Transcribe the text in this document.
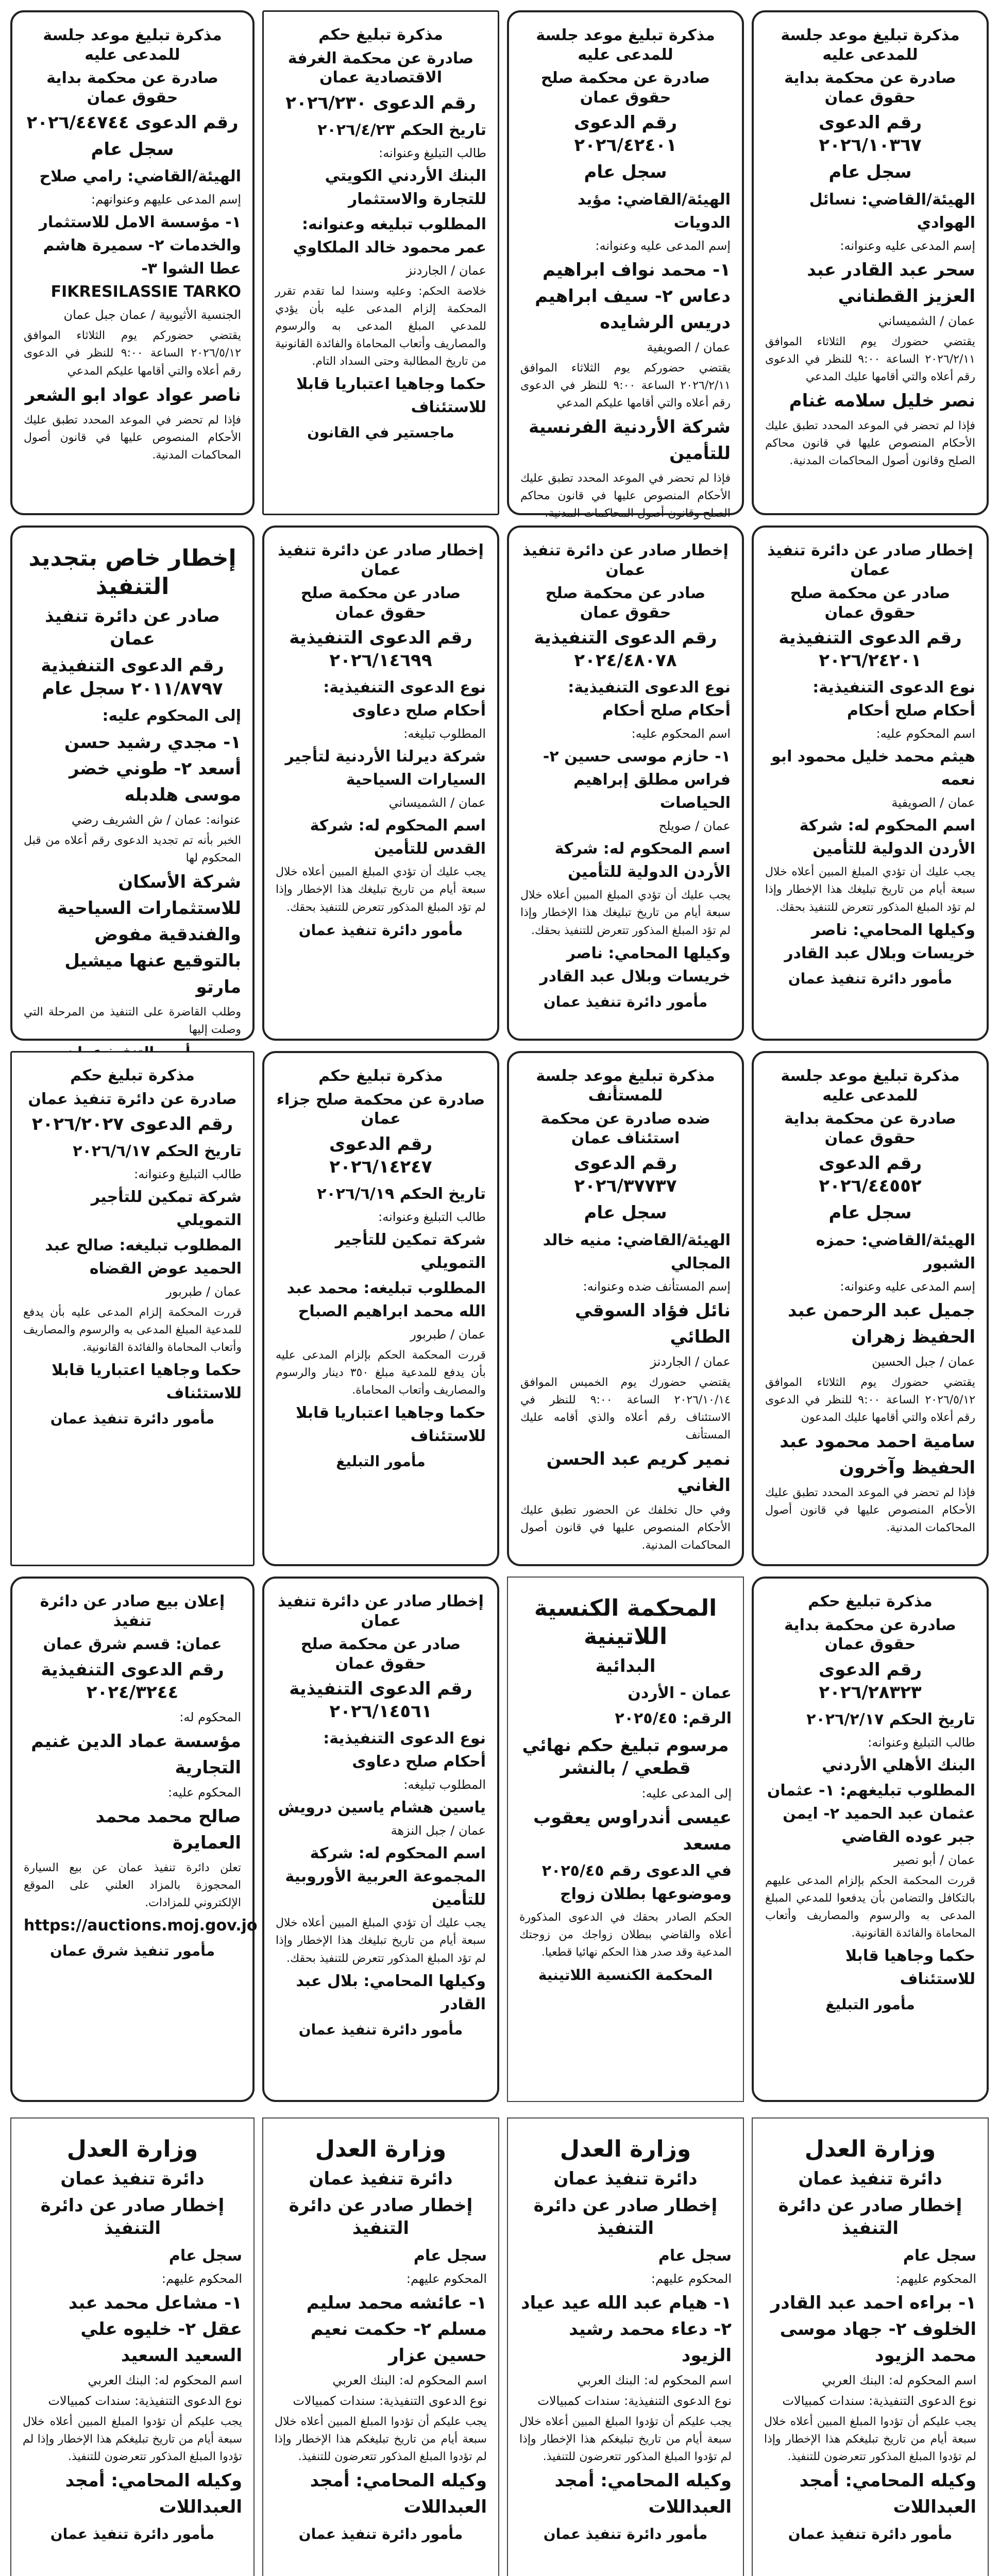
مذكرة تبليغ موعد جلسة للمدعى عليه
صادرة عن محكمة بداية حقوق عمان
رقم الدعوى ٢٠٢٦/١٠٣٦٧
سجل عام
الهيئة/القاضي: نسائل الهوادي
إسم المدعى عليه وعنوانه:
سحر عبد القادر عبد العزيز القطناني
عمان / الشميساني
يقتضي حضورك يوم الثلاثاء الموافق ٢٠٢٦/٢/١١ الساعة ٩:٠٠ للنظر في الدعوى رقم أعلاه والتي أقامها عليك المدعي
نصر خليل سلامه غنام
فإذا لم تحضر في الموعد المحدد تطبق عليك الأحكام المنصوص عليها في قانون محاكم الصلح وقانون أصول المحاكمات المدنية.
مذكرة تبليغ موعد جلسة للمدعى عليه
صادرة عن محكمة صلح حقوق عمان
رقم الدعوى ٢٠٢٦/٤٢٤٠١
سجل عام
الهيئة/القاضي: مؤيد الدويات
إسم المدعى عليه وعنوانه:
١- محمد نواف ابراهيم دعاس ٢- سيف ابراهيم دريس الرشايده
عمان / الصويفية
يقتضي حضوركم يوم الثلاثاء الموافق ٢٠٢٦/٢/١١ الساعة ٩:٠٠ للنظر في الدعوى رقم أعلاه والتي أقامها عليكم المدعي
شركة الأردنية الفرنسية للتأمين
فإذا لم تحضر في الموعد المحدد تطبق عليك الأحكام المنصوص عليها في قانون محاكم الصلح وقانون أصول المحاكمات المدنية.
مذكرة تبليغ حكم
صادرة عن محكمة الغرفة الاقتصادية عمان
رقم الدعوى ٢٠٢٦/٢٣٠
تاريخ الحكم ٢٠٢٦/٤/٢٣
طالب التبليغ وعنوانه:
البنك الأردني الكويتي للتجارة والاستثمار
المطلوب تبليغه وعنوانه: عمر محمود خالد الملكاوي
عمان / الجاردنز
خلاصة الحكم: وعليه وسندا لما تقدم تقرر المحكمة إلزام المدعى عليه بأن يؤدي للمدعي المبلغ المدعى به والرسوم والمصاريف وأتعاب المحاماة والفائدة القانونية من تاريخ المطالبة وحتى السداد التام.
حكما وجاهيا اعتباريا قابلا للاستئناف
ماجستير في القانون
مذكرة تبليغ موعد جلسة للمدعى عليه
صادرة عن محكمة بداية حقوق عمان
رقم الدعوى ٢٠٢٦/٤٤٧٤٤
سجل عام
الهيئة/القاضي: رامي صلاح
إسم المدعى عليهم وعنوانهم:
١- مؤسسة الامل للاستثمار والخدمات ٢- سميرة هاشم عطا الشوا ٣- FIKRESILASSIE TARKO
الجنسية الأثيوبية / عمان جبل عمان
يقتضي حضوركم يوم الثلاثاء الموافق ٢٠٢٦/٥/١٢ الساعة ٩:٠٠ للنظر في الدعوى رقم أعلاه والتي أقامها عليكم المدعي
ناصر عواد عواد ابو الشعر
فإذا لم تحضر في الموعد المحدد تطبق عليك الأحكام المنصوص عليها في قانون أصول المحاكمات المدنية.
إخطار صادر عن دائرة تنفيذ عمان
صادر عن محكمة صلح حقوق عمان
رقم الدعوى التنفيذية ٢٠٢٦/٢٤٢٠١
نوع الدعوى التنفيذية: أحكام صلح أحكام
اسم المحكوم عليه:
هيثم محمد خليل محمود ابو نعمه
عمان / الصويفية
اسم المحكوم له: شركة الأردن الدولية للتأمين
يجب عليك أن تؤدي المبلغ المبين أعلاه خلال سبعة أيام من تاريخ تبليغك هذا الإخطار وإذا لم تؤد المبلغ المذكور تتعرض للتنفيذ بحقك.
وكيلها المحامي: ناصر خريسات وبلال عبد القادر
مأمور دائرة تنفيذ عمان
إخطار صادر عن دائرة تنفيذ عمان
صادر عن محكمة صلح حقوق عمان
رقم الدعوى التنفيذية ٢٠٢٤/٤٨٠٧٨
نوع الدعوى التنفيذية: أحكام صلح أحكام
اسم المحكوم عليه:
١- حازم موسى حسين ٢- فراس مطلق إبراهيم الحياصات
عمان / صويلح
اسم المحكوم له: شركة الأردن الدولية للتأمين
يجب عليك أن تؤدي المبلغ المبين أعلاه خلال سبعة أيام من تاريخ تبليغك هذا الإخطار وإذا لم تؤد المبلغ المذكور تتعرض للتنفيذ بحقك.
وكيلها المحامي: ناصر خريسات وبلال عبد القادر
مأمور دائرة تنفيذ عمان
إخطار صادر عن دائرة تنفيذ عمان
صادر عن محكمة صلح حقوق عمان
رقم الدعوى التنفيذية ٢٠٢٦/١٤٦٩٩
نوع الدعوى التنفيذية: أحكام صلح دعاوى
المطلوب تبليغه:
شركة ديرلنا الأردنية لتأجير السيارات السياحية
عمان / الشميساني
اسم المحكوم له: شركة القدس للتأمين
يجب عليك أن تؤدي المبلغ المبين أعلاه خلال سبعة أيام من تاريخ تبليغك هذا الإخطار وإذا لم تؤد المبلغ المذكور تتعرض للتنفيذ بحقك.
مأمور دائرة تنفيذ عمان
إخطار خاص بتجديد التنفيذ
صادر عن دائرة تنفيذ عمان
رقم الدعوى التنفيذية ٢٠١١/٨٧٩٧ سجل عام
إلى المحكوم عليه:
١- مجدي رشيد حسن أسعد ٢- طوني خضر موسى هلدبله
عنوانه: عمان / ش الشريف رضي
الخبر بأنه تم تجديد الدعوى رقم أعلاه من قبل المحكوم لها
شركة الأسكان للاستثمارات السياحية والفندقية مفوض بالتوقيع عنها ميشيل مارتو
وطلب القاضرة على التنفيذ من المرحلة التي وصلت إليها
مذكرة تبليغ موعد جلسة للمدعى عليه
صادرة عن محكمة بداية حقوق عمان
رقم الدعوى ٢٠٢٦/٤٤٥٥٢
سجل عام
الهيئة/القاضي: حمزه الشبور
إسم المدعى عليه وعنوانه:
جميل عبد الرحمن عبد الحفيظ زهران
عمان / جبل الحسين
يقتضي حضورك يوم الثلاثاء الموافق ٢٠٢٦/٥/١٢ الساعة ٩:٠٠ للنظر في الدعوى رقم أعلاه والتي أقامها عليك المدعون
سامية احمد محمود عبد الحفيظ وآخرون
فإذا لم تحضر في الموعد المحدد تطبق عليك الأحكام المنصوص عليها في قانون أصول المحاكمات المدنية.
مذكرة تبليغ موعد جلسة للمستأنف
ضده صادرة عن محكمة استئناف عمان
رقم الدعوى ٢٠٢٦/٣٧٧٣٧
سجل عام
الهيئة/القاضي: منيه خالد المجالي
إسم المستأنف ضده وعنوانه:
نائل فؤاد السوقي الطائي
عمان / الجاردنز
يقتضي حضورك يوم الخميس الموافق ٢٠٢٦/١٠/١٤ الساعة ٩:٠٠ للنظر في الاستئناف رقم أعلاه والذي أقامه عليك المستأنف
نمير كريم عبد الحسن الغاني
وفي حال تخلفك عن الحضور تطبق عليك الأحكام المنصوص عليها في قانون أصول المحاكمات المدنية.
مذكرة تبليغ حكم
صادرة عن محكمة صلح جزاء عمان
رقم الدعوى ٢٠٢٦/١٤٢٤٧
تاريخ الحكم ٢٠٢٦/٦/١٩
طالب التبليغ وعنوانه:
شركة تمكين للتأجير التمويلي
المطلوب تبليغه: محمد عبد الله محمد ابراهيم الصباح
عمان / طبربور
قررت المحكمة الحكم بإلزام المدعى عليه بأن يدفع للمدعية مبلغ ٣٥٠ دينار والرسوم والمصاريف وأتعاب المحاماة.
حكما وجاهيا اعتباريا قابلا للاستئناف
مأمور التبليغ
مذكرة تبليغ حكم
صادرة عن دائرة تنفيذ عمان
رقم الدعوى ٢٠٢٦/٢٠٢٧
تاريخ الحكم ٢٠٢٦/٦/١٧
طالب التبليغ وعنوانه:
شركة تمكين للتأجير التمويلي
المطلوب تبليغه: صالح عبد الحميد عوض القضاه
عمان / طبربور
قررت المحكمة إلزام المدعى عليه بأن يدفع للمدعية المبلغ المدعى به والرسوم والمصاريف وأتعاب المحاماة والفائدة القانونية.
حكما وجاهيا اعتباريا قابلا للاستئناف
مأمور دائرة تنفيذ عمان
مذكرة تبليغ حكم
صادرة عن محكمة بداية حقوق عمان
رقم الدعوى ٢٠٢٦/٢٨٣٢٣
تاريخ الحكم ٢٠٢٦/٢/١٧
طالب التبليغ وعنوانه:
البنك الأهلي الأردني
المطلوب تبليغهم: ١- عثمان عثمان عبد الحميد ٢- ايمن جبر عوده القاضي
عمان / أبو نصير
قررت المحكمة الحكم بإلزام المدعى عليهم بالتكافل والتضامن بأن يدفعوا للمدعي المبلغ المدعى به والرسوم والمصاريف وأتعاب المحاماة والفائدة القانونية.
حكما وجاهيا قابلا للاستئناف
مأمور التبليغ
المحكمة الكنسية اللاتينية
البدائية
عمان - الأردن
الرقم: ٢٠٢٥/٤٥
مرسوم تبليغ حكم نهائي قطعي / بالنشر
إلى المدعى عليه:
عيسى أندراوس يعقوب مسعد
في الدعوى رقم ٢٠٢٥/٤٥ وموضوعها بطلان زواج
الحكم الصادر بحقك في الدعوى المذكورة أعلاه والقاضي ببطلان زواجك من زوجتك المدعية وقد صدر هذا الحكم نهائيا قطعيا.
المحكمة الكنسية اللاتينية
إخطار صادر عن دائرة تنفيذ عمان
صادر عن محكمة صلح حقوق عمان
رقم الدعوى التنفيذية ٢٠٢٦/١٤٥٦١
نوع الدعوى التنفيذية: أحكام صلح دعاوى
المطلوب تبليغه:
ياسين هشام ياسين درويش
عمان / جبل النزهة
اسم المحكوم له: شركة المجموعة العربية الأوروبية للتأمين
يجب عليك أن تؤدي المبلغ المبين أعلاه خلال سبعة أيام من تاريخ تبليغك هذا الإخطار وإذا لم تؤد المبلغ المذكور تتعرض للتنفيذ بحقك.
وكيلها المحامي: بلال عبد القادر
مأمور دائرة تنفيذ عمان
إعلان بيع صادر عن دائرة تنفيذ
عمان: قسم شرق عمان
رقم الدعوى التنفيذية ٢٠٢٤/٣٢٤٤
المحكوم له:
مؤسسة عماد الدين غنيم التجارية
المحكوم عليه:
صالح محمد محمد العمايرة
تعلن دائرة تنفيذ عمان عن بيع السيارة المحجوزة بالمزاد العلني على الموقع الإلكتروني للمزادات.
https://auctions.moj.gov.jo
مأمور تنفيذ شرق عمان
وزارة العدل
دائرة تنفيذ عمان
إخطار صادر عن دائرة التنفيذ
سجل عام
المحكوم عليهم:
١- براءه احمد عبد القادر الخلوف ٢- جهاد موسى محمد الزيود
اسم المحكوم له: البنك العربي
نوع الدعوى التنفيذية: سندات كمبيالات
يجب عليكم أن تؤدوا المبلغ المبين أعلاه خلال سبعة أيام من تاريخ تبليغكم هذا الإخطار وإذا لم تؤدوا المبلغ المذكور تتعرضون للتنفيذ.
وكيله المحامي: أمجد العبداللات
مأمور دائرة تنفيذ عمان
وزارة العدل
دائرة تنفيذ عمان
إخطار صادر عن دائرة التنفيذ
سجل عام
المحكوم عليهم:
١- هيام عبد الله عيد عياد ٢- دعاء محمد رشيد الزيود
اسم المحكوم له: البنك العربي
نوع الدعوى التنفيذية: سندات كمبيالات
يجب عليكم أن تؤدوا المبلغ المبين أعلاه خلال سبعة أيام من تاريخ تبليغكم هذا الإخطار وإذا لم تؤدوا المبلغ المذكور تتعرضون للتنفيذ.
وكيله المحامي: أمجد العبداللات
مأمور دائرة تنفيذ عمان
وزارة العدل
دائرة تنفيذ عمان
إخطار صادر عن دائرة التنفيذ
سجل عام
المحكوم عليهم:
١- عائشه محمد سليم مسلم ٢- حكمت نعيم حسين عزار
اسم المحكوم له: البنك العربي
نوع الدعوى التنفيذية: سندات كمبيالات
يجب عليكم أن تؤدوا المبلغ المبين أعلاه خلال سبعة أيام من تاريخ تبليغكم هذا الإخطار وإذا لم تؤدوا المبلغ المذكور تتعرضون للتنفيذ.
وكيله المحامي: أمجد العبداللات
مأمور دائرة تنفيذ عمان
وزارة العدل
دائرة تنفيذ عمان
إخطار صادر عن دائرة التنفيذ
سجل عام
المحكوم عليهم:
١- مشاعل محمد عبد عقل ٢- خليوه علي السعيد السعيد
اسم المحكوم له: البنك العربي
نوع الدعوى التنفيذية: سندات كمبيالات
يجب عليكم أن تؤدوا المبلغ المبين أعلاه خلال سبعة أيام من تاريخ تبليغكم هذا الإخطار وإذا لم تؤدوا المبلغ المذكور تتعرضون للتنفيذ.
وكيله المحامي: أمجد العبداللات
مأمور دائرة تنفيذ عمان
